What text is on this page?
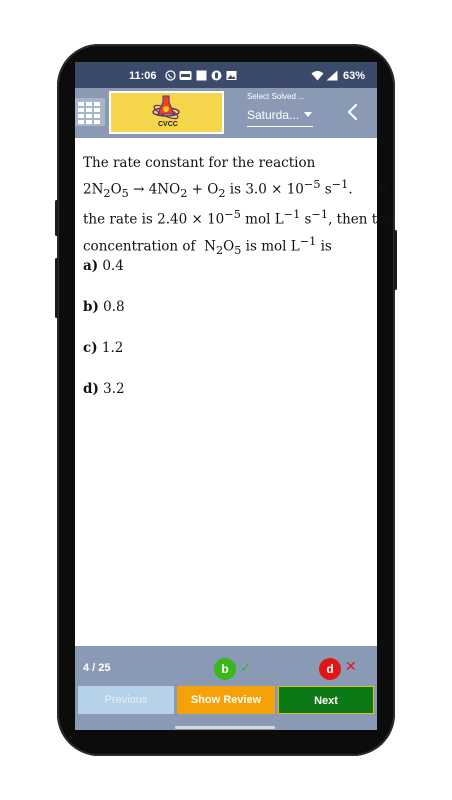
11:06	63%
CVCC
Select Solved ...
Saturda...
The rate constant for the reaction
$2N_2O_5 \to 4NO_2 + O_2$ is $3.0 \times 10^{-5}$ $s^{-1}$.      If
the rate is $2.40 \times 10^{-5}$ mol $L^{-1}$ $s^{-1}$, then the
concentration of  $N_2O_5$ is mol $L^{-1}$ is
a) 0.4
b) 0.8
c) 1.2
d) 3.2
4 / 25	b ✓	d ✕
Previous	Show Review	Next
